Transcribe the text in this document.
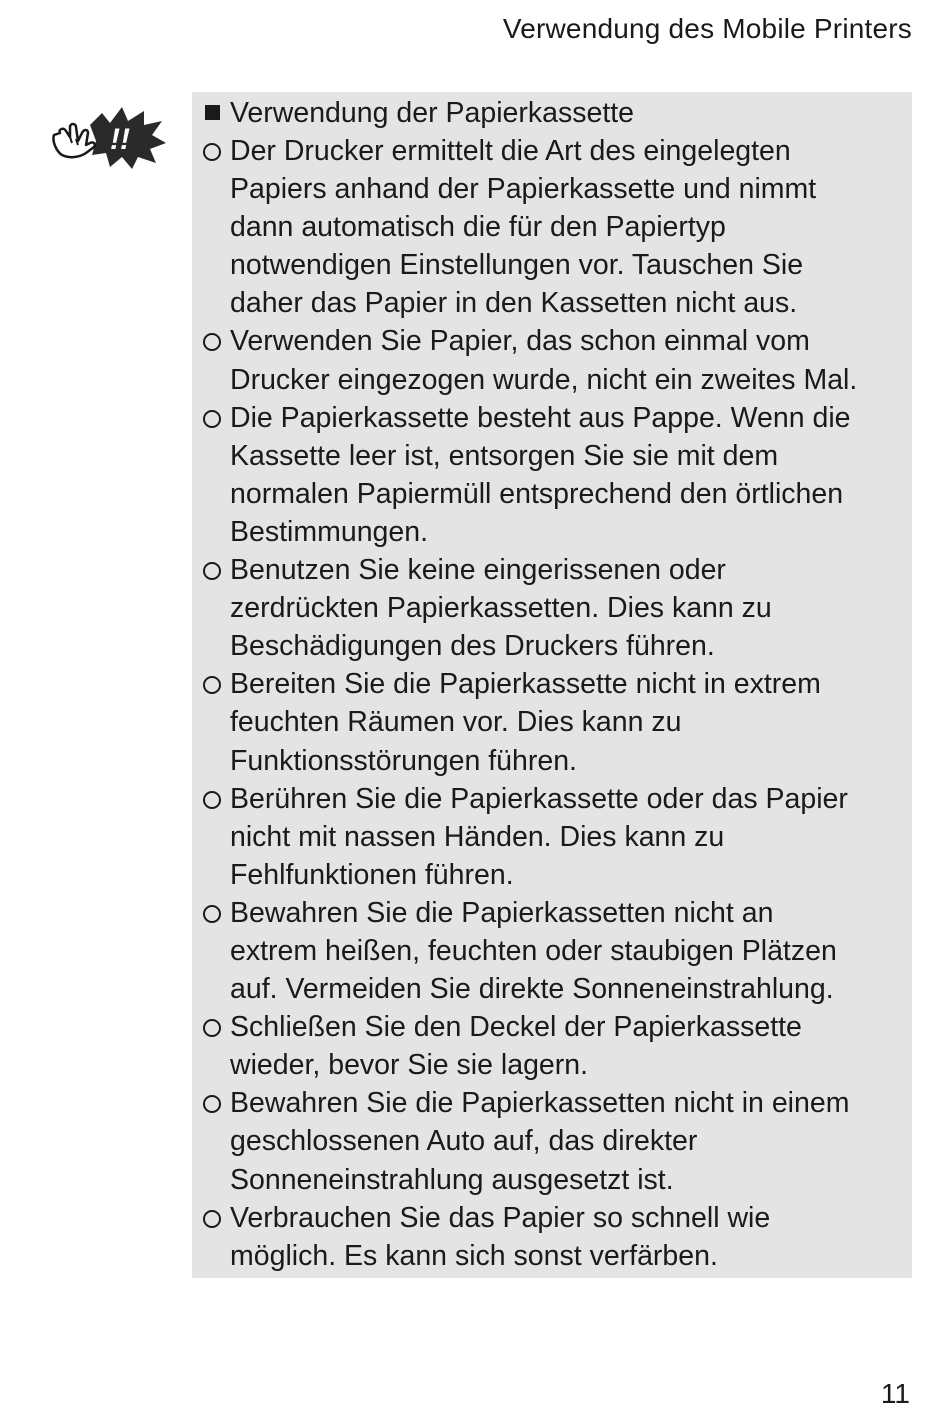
Verwendung des Mobile Printers
!!
Verwendung der Papierkassette
Der Drucker ermittelt die Art des eingelegten
Papiers anhand der Papierkassette und nimmt
dann automatisch die für den Papiertyp
notwendigen Einstellungen vor. Tauschen Sie
daher das Papier in den Kassetten nicht aus.
Verwenden Sie Papier, das schon einmal vom
Drucker eingezogen wurde, nicht ein zweites Mal.
Die Papierkassette besteht aus Pappe. Wenn die
Kassette leer ist, entsorgen Sie sie mit dem
normalen Papiermüll entsprechend den örtlichen
Bestimmungen.
Benutzen Sie keine eingerissenen oder
zerdrückten Papierkassetten. Dies kann zu
Beschädigungen des Druckers führen.
Bereiten Sie die Papierkassette nicht in extrem
feuchten Räumen vor. Dies kann zu
Funktionsstörungen führen.
Berühren Sie die Papierkassette oder das Papier
nicht mit nassen Händen. Dies kann zu
Fehlfunktionen führen.
Bewahren Sie die Papierkassetten nicht an
extrem heißen, feuchten oder staubigen Plätzen
auf. Vermeiden Sie direkte Sonneneinstrahlung.
Schließen Sie den Deckel der Papierkassette
wieder, bevor Sie sie lagern.
Bewahren Sie die Papierkassetten nicht in einem
geschlossenen Auto auf, das direkter
Sonneneinstrahlung ausgesetzt ist.
Verbrauchen Sie das Papier so schnell wie
möglich. Es kann sich sonst verfärben.
11
